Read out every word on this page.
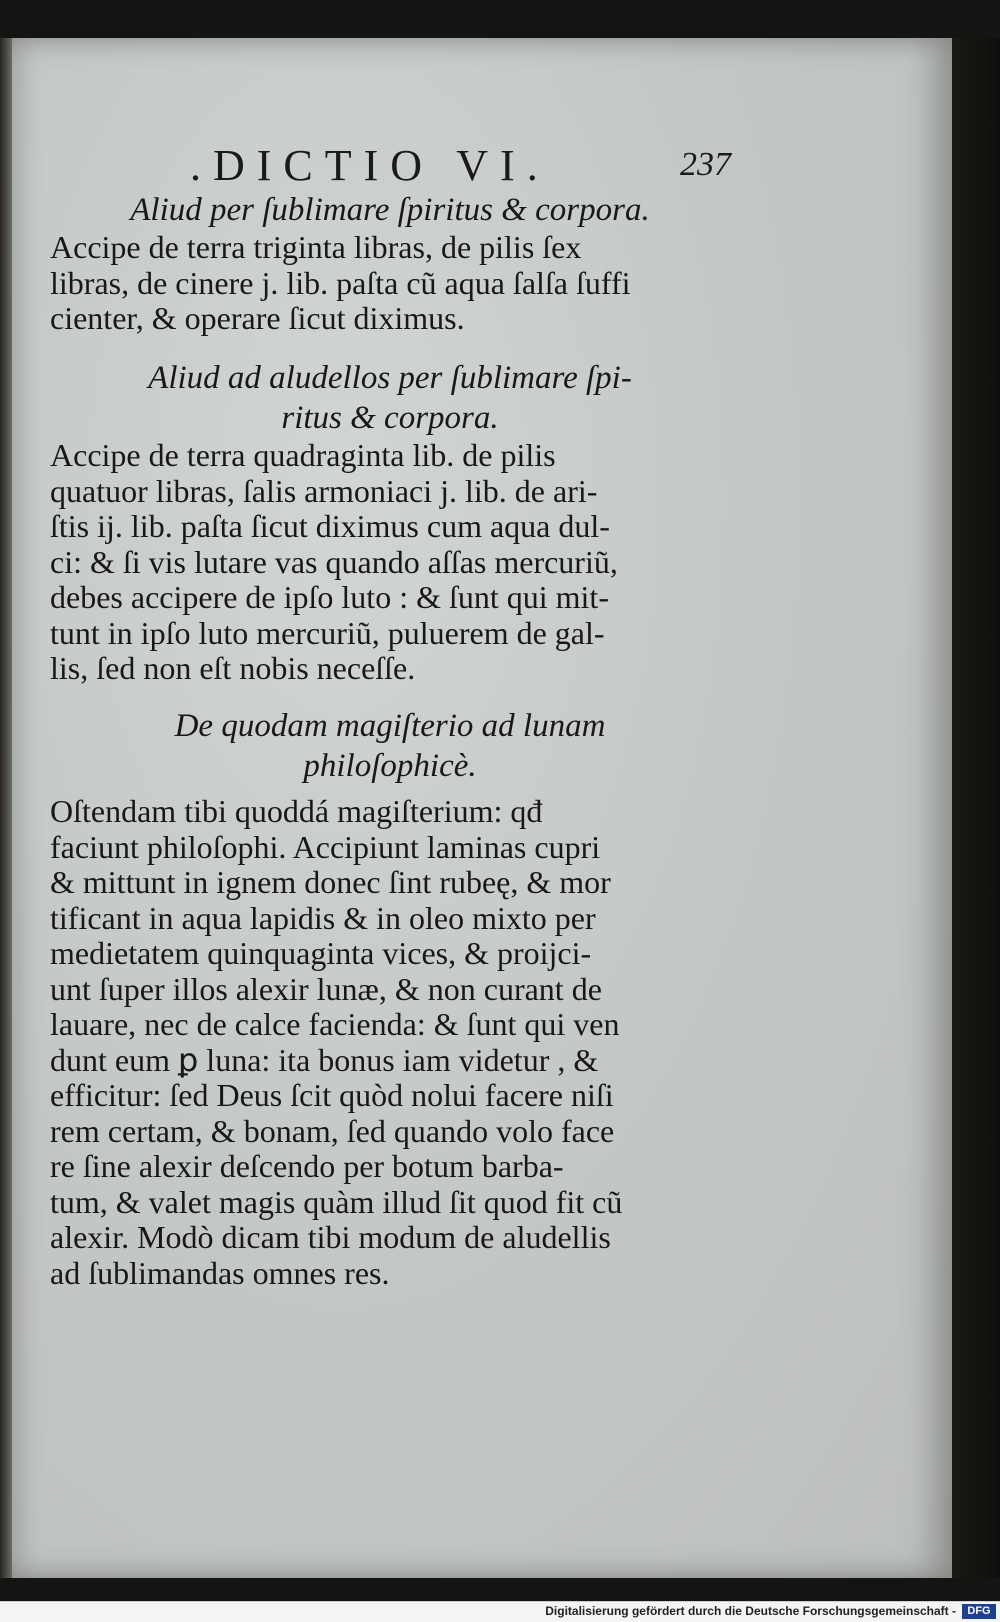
.DICTIO VI.	237

Aliud per ſublimare ſpiritus & corpora.

Accipe de terra triginta libras, de pilis ſex
libras, de cinere j. lib. paſta cũ aqua ſalſa ſuffi
cienter, & operare ſicut diximus.

Aliud ad aludellos per ſublimare ſpi-

ritus & corpora.

Accipe de terra quadraginta lib. de pilis
quatuor libras, ſalis armoniaci j. lib. de ari-
ſtis ij. lib. paſta ſicut diximus cum aqua dul-
ci: & ſi vis lutare vas quando aſſas mercuriũ,
debes accipere de ipſo luto : & ſunt qui mit-
tunt in ipſo luto mercuriũ, puluerem de gal-
lis, ſed non eſt nobis neceſſe.

De quodam magiſterio ad lunam

philoſophicè.

Oſtendam tibi quoddá magiſterium: qđ
faciunt philoſophi. Accipiunt laminas cupri
& mittunt in ignem donec ſint rubeę, & mor
tificant in aqua lapidis & in oleo mixto per
medietatem quinquaginta vices, & proijci-
unt ſuper illos alexir lunæ, & non curant de
lauare, nec de calce facienda: & ſunt qui ven
dunt eum ꝑ luna: ita bonus iam videtur , &
efficitur: ſed Deus ſcit quòd nolui facere niſi
rem certam, & bonam, ſed quando volo face
re ſine alexir deſcendo per botum barba-
tum, & valet magis quàm illud ſit quod fit cũ
alexir. Modò dicam tibi modum de aludellis
ad ſublimandas omnes res.

Digitalisierung gefördert durch die Deutsche Forschungsgemeinschaft -	DFG
